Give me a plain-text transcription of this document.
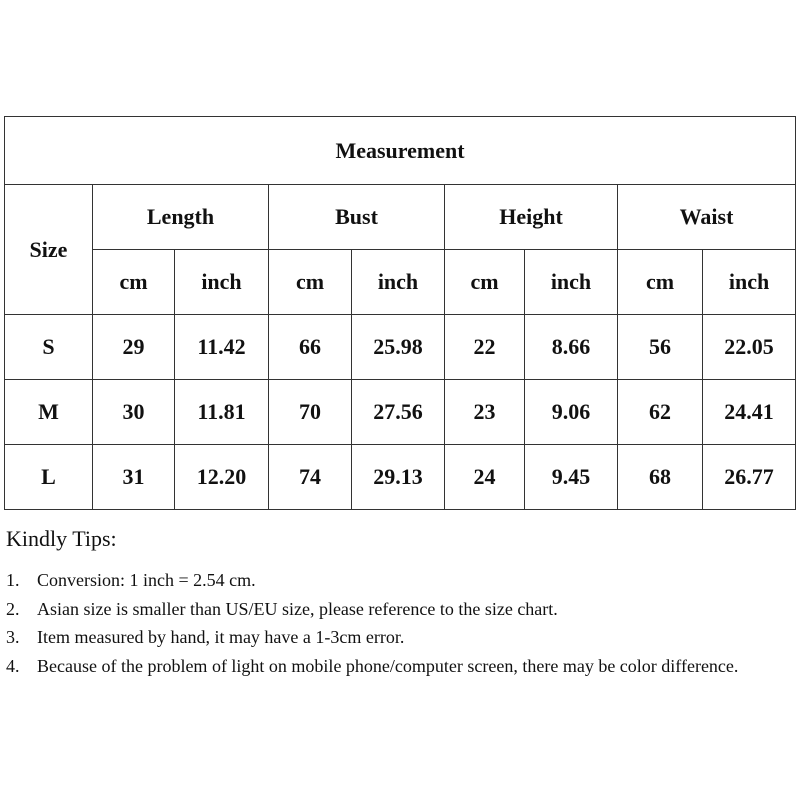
Measurement								
Size	Length		Bust		Height		Waist	
	cm	inch	cm	inch	cm	inch	cm	inch
S	29	11.42	66	25.98	22	8.66	56	22.05
M	30	11.81	70	27.56	23	9.06	62	24.41
L	31	12.20	74	29.13	24	9.45	68	26.77
Kindly Tips:
1. Conversion: 1 inch = 2.54 cm.
2. Asian size is smaller than US/EU size, please reference to the size chart.
3. Item measured by hand, it may have a 1-3cm error.
4. Because of the problem of light on mobile phone/computer screen, there may be color difference.
